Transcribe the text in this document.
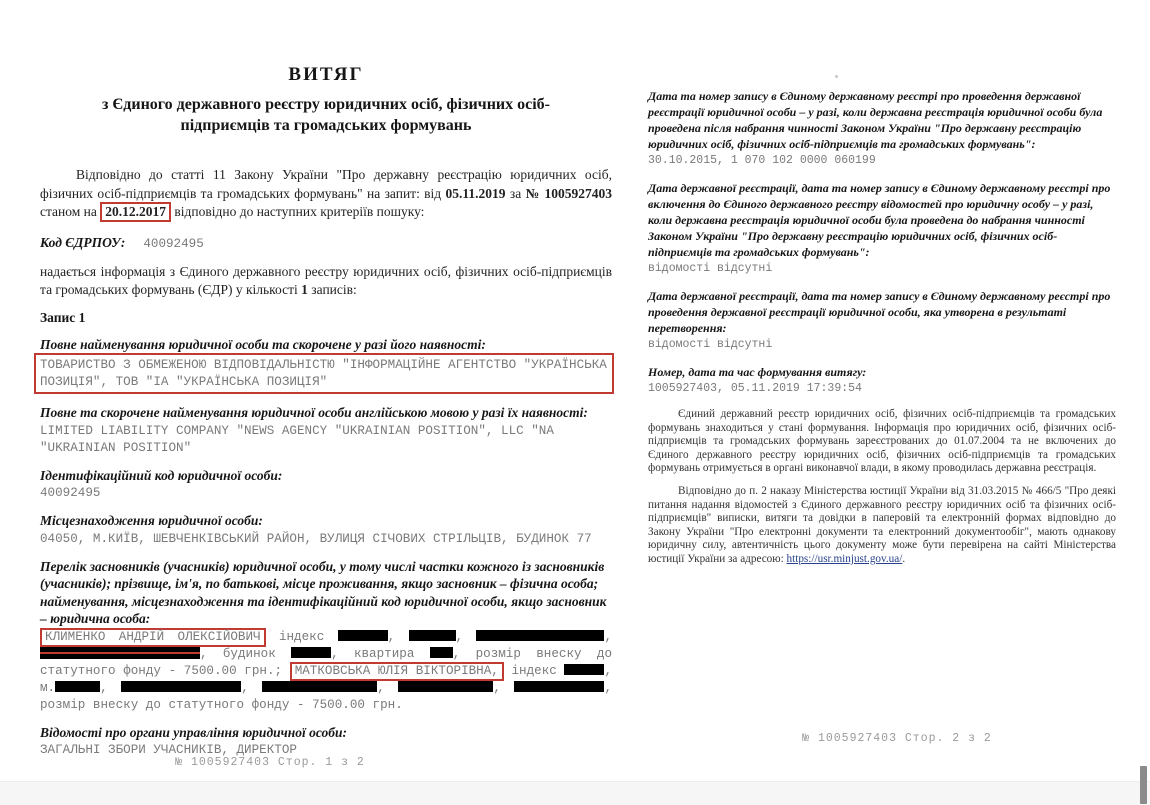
ВИТЯГ
з Єдиного державного реєстру юридичних осіб, фізичних осіб-підприємців та громадських формувань

Відповідно до статті 11 Закону України "Про державну реєстрацію юридичних осіб, фізичних осіб-підприємців та громадських формувань" на запит: від 05.11.2019 за № 1005927403 станом на 20.12.2017 відповідно до наступних критеріїв пошуку:

Код ЄДРПОУ: 40092495

надається інформація з Єдиного державного реєстру юридичних осіб, фізичних осіб-підприємців та громадських формувань (ЄДР) у кількості 1 записів:

Запис 1
Повне найменування юридичної особи та скорочене у разі його наявності:
ТОВАРИСТВО З ОБМЕЖЕНОЮ ВІДПОВІДАЛЬНІСТЮ "ІНФОРМАЦІЙНЕ АГЕНТСТВО "УКРАЇНСЬКА ПОЗИЦІЯ", ТОВ "ІА "УКРАЇНСЬКА ПОЗИЦІЯ"
Повне та скорочене найменування юридичної особи англійською мовою у разі їх наявності:
LIMITED LIABILITY COMPANY "NEWS AGENCY "UKRAINIAN POSITION", LLC "NA "UKRAINIAN POSITION"
Ідентифікаційний код юридичної особи:
40092495
Місцезнаходження юридичної особи:
04050, М.КИЇВ, ШЕВЧЕНКІВСЬКИЙ РАЙОН, ВУЛИЦЯ СІЧОВИХ СТРІЛЬЦІВ, БУДИНОК 77
Перелік засновників (учасників) юридичної особи, у тому числі частки кожного із засновників (учасників); прізвище, ім'я, по батькові, місце проживання, якщо засновник – фізична особа; найменування, місцезнаходження та ідентифікаційний код юридичної особи, якщо засновник – юридична особа:

КЛИМЕНКО АНДРІЙ ОЛЕКСІЙОВИЧ індекс	,	,	, , будинок	, квартира , розмір внеску до статутного фонду - 7500.00 грн.; МАТКОВСЬКА ЮЛІЯ ВІКТОРІВНА, індекс	, м.	,	,	,	,	, розмір внеску до статутного фонду - 7500.00 грн.

Відомості про органи управління юридичної особи:
ЗАГАЛЬНІ ЗБОРИ УЧАСНИКІВ, ДИРЕКТОР
№ 1005927403 Стор. 1 з 2
Дата та номер запису в Єдиному державному реєстрі про проведення державної реєстрації юридичної особи – у разі, коли державна реєстрація юридичної особи була проведена після набрання чинності Законом України "Про державну реєстрацію юридичних осіб, фізичних осіб-підприємців та громадських формувань":
30.10.2015, 1 070 102 0000 060199
Дата державної реєстрації, дата та номер запису в Єдиному державному реєстрі про включення до Єдиного державного реєстру відомостей про юридичну особу – у разі, коли державна реєстрація юридичної особи була проведена до набрання чинності Законом України "Про державну реєстрацію юридичних осіб, фізичних осіб-підприємців та громадських формувань":
відомості відсутні
Дата державної реєстрації, дата та номер запису в Єдиному державному реєстрі про проведення державної реєстрації юридичної особи, яка утворена в результаті перетворення:
відомості відсутні
Номер, дата та час формування витягу:
1005927403, 05.11.2019 17:39:54

Єдиний державний реєстр юридичних осіб, фізичних осіб-підприємців та громадських формувань знаходиться у стані формування. Інформація про юридичних осіб, фізичних осіб-підприємців та громадських формувань зареєстрованих до 01.07.2004 та не включених до Єдиного державного реєстру юридичних осіб, фізичних осіб-підприємців та громадських формувань отримується в органі виконавчої влади, в якому проводилась державна реєстрація.

Відповідно до п. 2 наказу Міністерства юстиції України від 31.03.2015 № 466/5 "Про деякі питання надання відомостей з Єдиного державного реєстру юридичних осіб та фізичних осіб-підприємців" виписки, витяги та довідки в паперовій та електронній формах відповідно до Закону України "Про електронні документи та електронний документообіг", мають однакову юридичну силу, автентичність цього документу може бути перевірена на сайті Міністерства юстиції України за адресою: https://usr.minjust.gov.ua/.

№ 1005927403 Стор. 2 з 2
